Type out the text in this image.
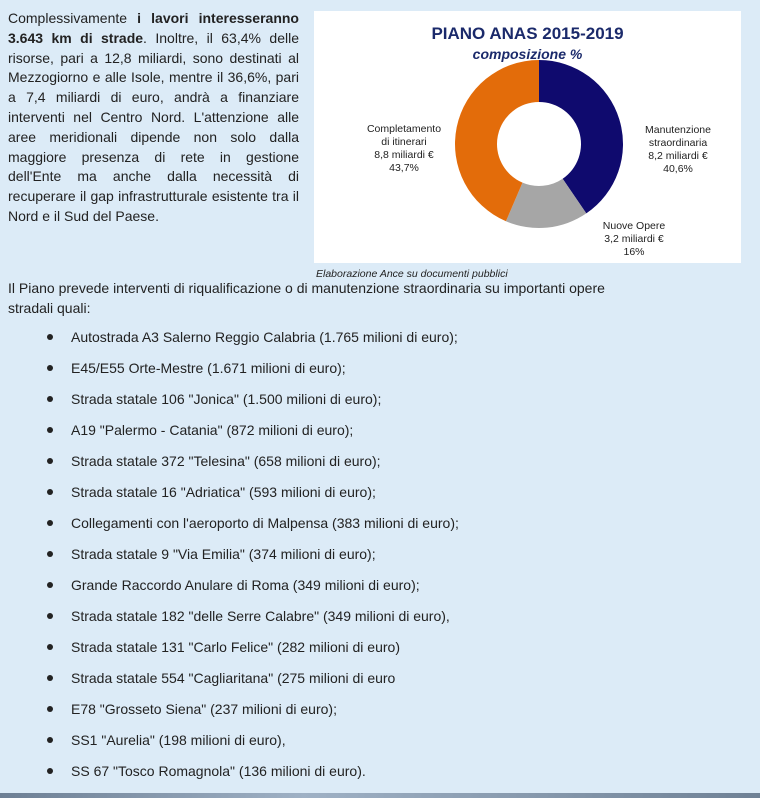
Complessivamente i lavori interesseranno 3.643 km di strade. Inoltre, il 63,4% delle risorse, pari a 12,8 miliardi, sono destinati al Mezzogiorno e alle Isole, mentre il 36,6%, pari a 7,4 miliardi di euro, andrà a finanziare interventi nel Centro Nord. L'attenzione alle aree meridionali dipende non solo dalla maggiore presenza di rete in gestione dell'Ente ma anche dalla necessità di recuperare il gap infrastrutturale esistente tra il Nord e il Sud del Paese.
PIANO ANAS 2015-2019
composizione %
Manutenzione
straordinaria
8,2 miliardi €
40,6%
Nuove Opere
3,2 miliardi €
16%
Completamento
di itinerari
8,8 miliardi €
43,7%
Elaborazione Ance su documenti pubblici
Il Piano prevede interventi di riqualificazione o di manutenzione straordinaria su importanti opere stradali quali:
Autostrada A3 Salerno Reggio Calabria (1.765 milioni di euro);
E45/E55 Orte-Mestre (1.671 milioni di euro);
Strada statale 106 "Jonica" (1.500 milioni di euro);
A19 "Palermo - Catania" (872 milioni di euro);
Strada statale 372 "Telesina" (658 milioni di euro);
Strada statale 16 "Adriatica" (593 milioni di euro);
Collegamenti con l'aeroporto di Malpensa (383 milioni di euro);
Strada statale 9 "Via Emilia" (374 milioni di euro);
Grande Raccordo Anulare di Roma (349 milioni di euro);
Strada statale 182 "delle Serre Calabre" (349 milioni di euro),
Strada statale 131 "Carlo Felice" (282 milioni di euro)
Strada statale 554 "Cagliaritana" (275 milioni di euro
E78 "Grosseto Siena" (237 milioni di euro);
SS1 "Aurelia" (198 milioni di euro),
SS 67 "Tosco Romagnola" (136 milioni di euro).
